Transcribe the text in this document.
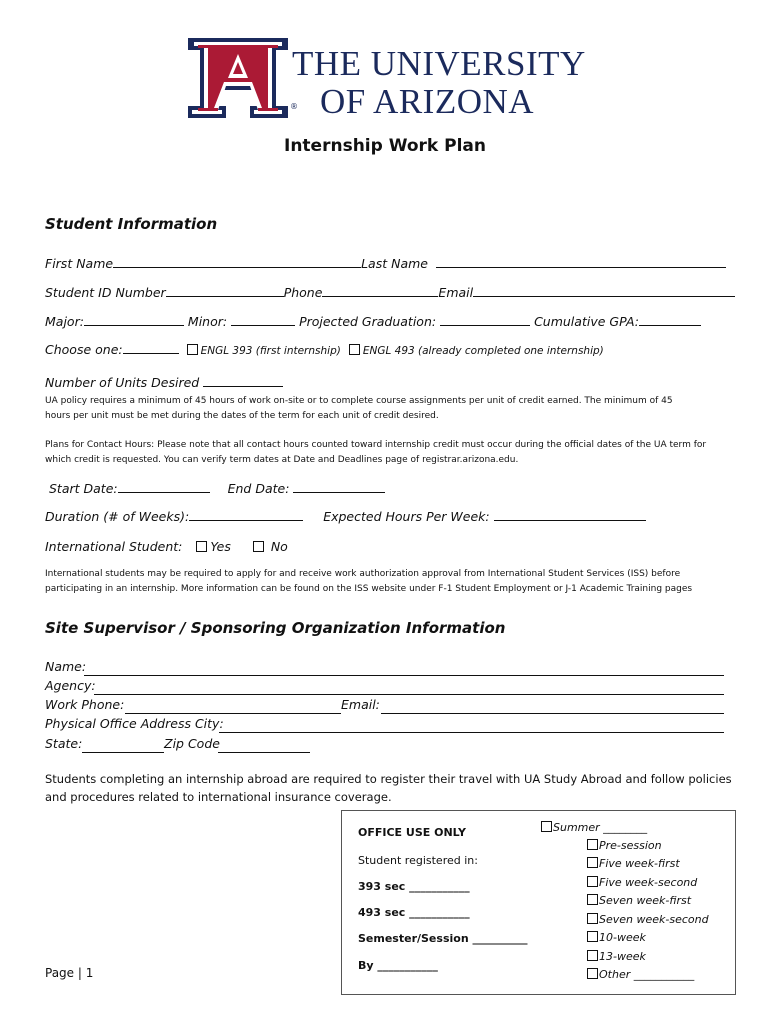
®
THE UNIVERSITY
OF ARIZONA
Internship Work Plan
Student Information
First Name	Last Name
Student ID Number	Phone	Email
Major:	Minor:	Projected Graduation:	Cumulative GPA:
Choose one:	ENGL 393 (first internship) ENGL 493 (already completed one internship)
Number of Units Desired
UA policy requires a minimum of 45 hours of work on-site or to complete course assignments per unit of credit earned. The minimum of 45 hours per unit must be met during the dates of the term for each unit of credit desired.
Plans for Contact Hours: Please note that all contact hours counted toward internship credit must occur during the official dates of the UA term for which credit is requested. You can verify term dates at Date and Deadlines page of registrar.arizona.edu.
Start Date:	End Date:
Duration (# of Weeks):	Expected Hours Per Week:
International Student: Yes	No
International students may be required to apply for and receive work authorization approval from International Student Services (ISS) before participating in an internship. More information can be found on the ISS website under F-1 Student Employment or J-1 Academic Training pages
Site Supervisor / Sponsoring Organization Information
Name:
Agency:
Work Phone:	Email:
Physical Office Address City:
State:	Zip Code
Students completing an internship abroad are required to register their travel with UA Study Abroad and follow policies and procedures related to international insurance coverage.
OFFICE USE ONLY
Student registered in:
393 sec ___________
493 sec ___________
Semester/Session __________
By ___________
Summer ________
Pre-session
Five week-first
Five week-second
Seven week-first
Seven week-second
10-week
13-week
Other ___________
Page | 1
